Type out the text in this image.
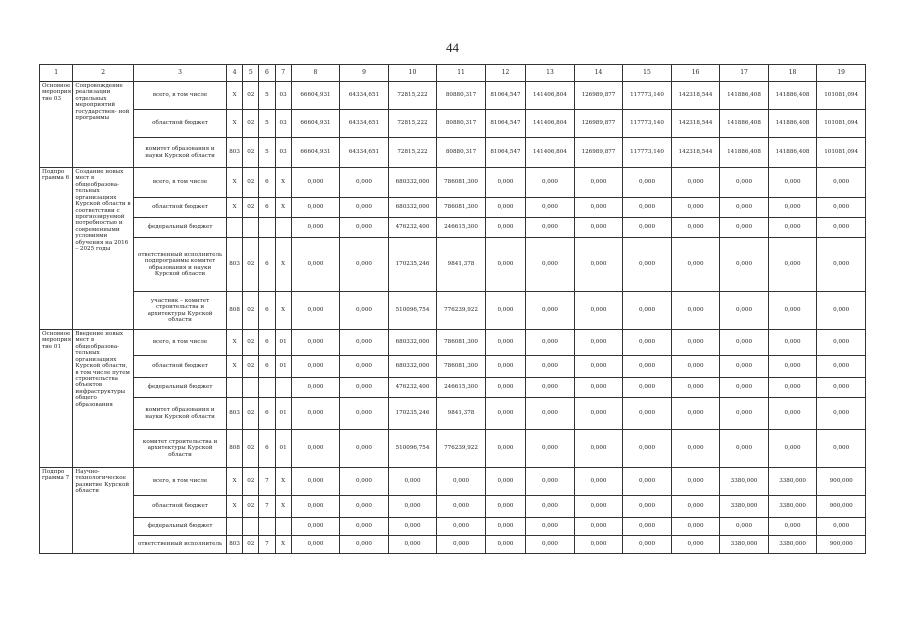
44
1	2	3	4	5	6	7	8	9	10	11	12	13	14	15	16	17	18	19
Основное мероприя тие 03	Сопровождение реализации отдельных мероприятий государствен- ной программы	всего, в том числе	X	02	5	03	66604,931	64334,651	72815,222	80880,317	81064,547	141406,804	126989,877	117773,140	142318,544	141886,408	141886,408	101081,094
		областной бюджет	X	02	5	03	66604,931	64334,651	72815,222	80880,317	81064,547	141406,804	126989,877	117773,140	142318,544	141886,408	141886,408	101081,094
		комитет образования и науки Курской области	803	02	5	03	66604,931	64334,651	72815,222	80880,317	81064,547	141406,804	126989,877	117773,140	142318,544	141886,408	141886,408	101081,094
Подпро грамма 6	Создание новых мест в общеобразова- тельных организациях Курской области в соответствии с прогнозируемой потребностью и современными условиями обучения на 2016 – 2025 годы	всего, в том числе	X	02	6	X	0,000	0,000	680332,000	786081,300	0,000	0,000	0,000	0,000	0,000	0,000	0,000	0,000
		областной бюджет	X	02	6	X	0,000	0,000	680332,000	786081,300	0,000	0,000	0,000	0,000	0,000	0,000	0,000	0,000
		федеральный бюджет					0,000	0,000	476232,400	246615,300	0,000	0,000	0,000	0,000	0,000	0,000	0,000	0,000
		ответственный исполнитель подпрограммы комитет образования и науки Курской области	803	02	6	X	0,000	0,000	170235,246	9841,378	0,000	0,000	0,000	0,000	0,000	0,000	0,000	0,000
		участник – комитет строительства и архитектуры Курской области	808	02	6	X	0,000	0,000	510096,754	776239,922	0,000	0,000	0,000	0,000	0,000	0,000	0,000	0,000
Основное мероприя тие 01	Введение новых мест в общеобразова- тельных организациях Курской области, в том числе путем строительства объектов инфраструктуры общего образования	всего, в том числе	X	02	6	01	0,000	0,000	680332,000	786081,300	0,000	0,000	0,000	0,000	0,000	0,000	0,000	0,000
		областной бюджет	X	02	6	01	0,000	0,000	680332,000	786081,300	0,000	0,000	0,000	0,000	0,000	0,000	0,000	0,000
		федеральный бюджет					0,000	0,000	476232,400	246615,300	0,000	0,000	0,000	0,000	0,000	0,000	0,000	0,000
		комитет образования и науки Курской области	803	02	6	01	0,000	0,000	170235,246	9841,378	0,000	0,000	0,000	0,000	0,000	0,000	0,000	0,000
		комитет строительства и архитектуры Курской области	808	02	6	01	0,000	0,000	510096,754	776239,922	0,000	0,000	0,000	0,000	0,000	0,000	0,000	0,000
Подпро грамма 7	Научно- технологическое развитие Курской области	всего, в том числе	X	02	7	X	0,000	0,000	0,000	0,000	0,000	0,000	0,000	0,000	0,000	3380,000	3380,000	900,000
		областной бюджет	X	02	7	X	0,000	0,000	0,000	0,000	0,000	0,000	0,000	0,000	0,000	3380,000	3380,000	900,000
		федеральный бюджет					0,000	0,000	0,000	0,000	0,000	0,000	0,000	0,000	0,000	0,000	0,000	0,000
		ответственный исполнитель	803	02	7	X	0,000	0,000	0,000	0,000	0,000	0,000	0,000	0,000	0,000	3380,000	3380,000	900,000
